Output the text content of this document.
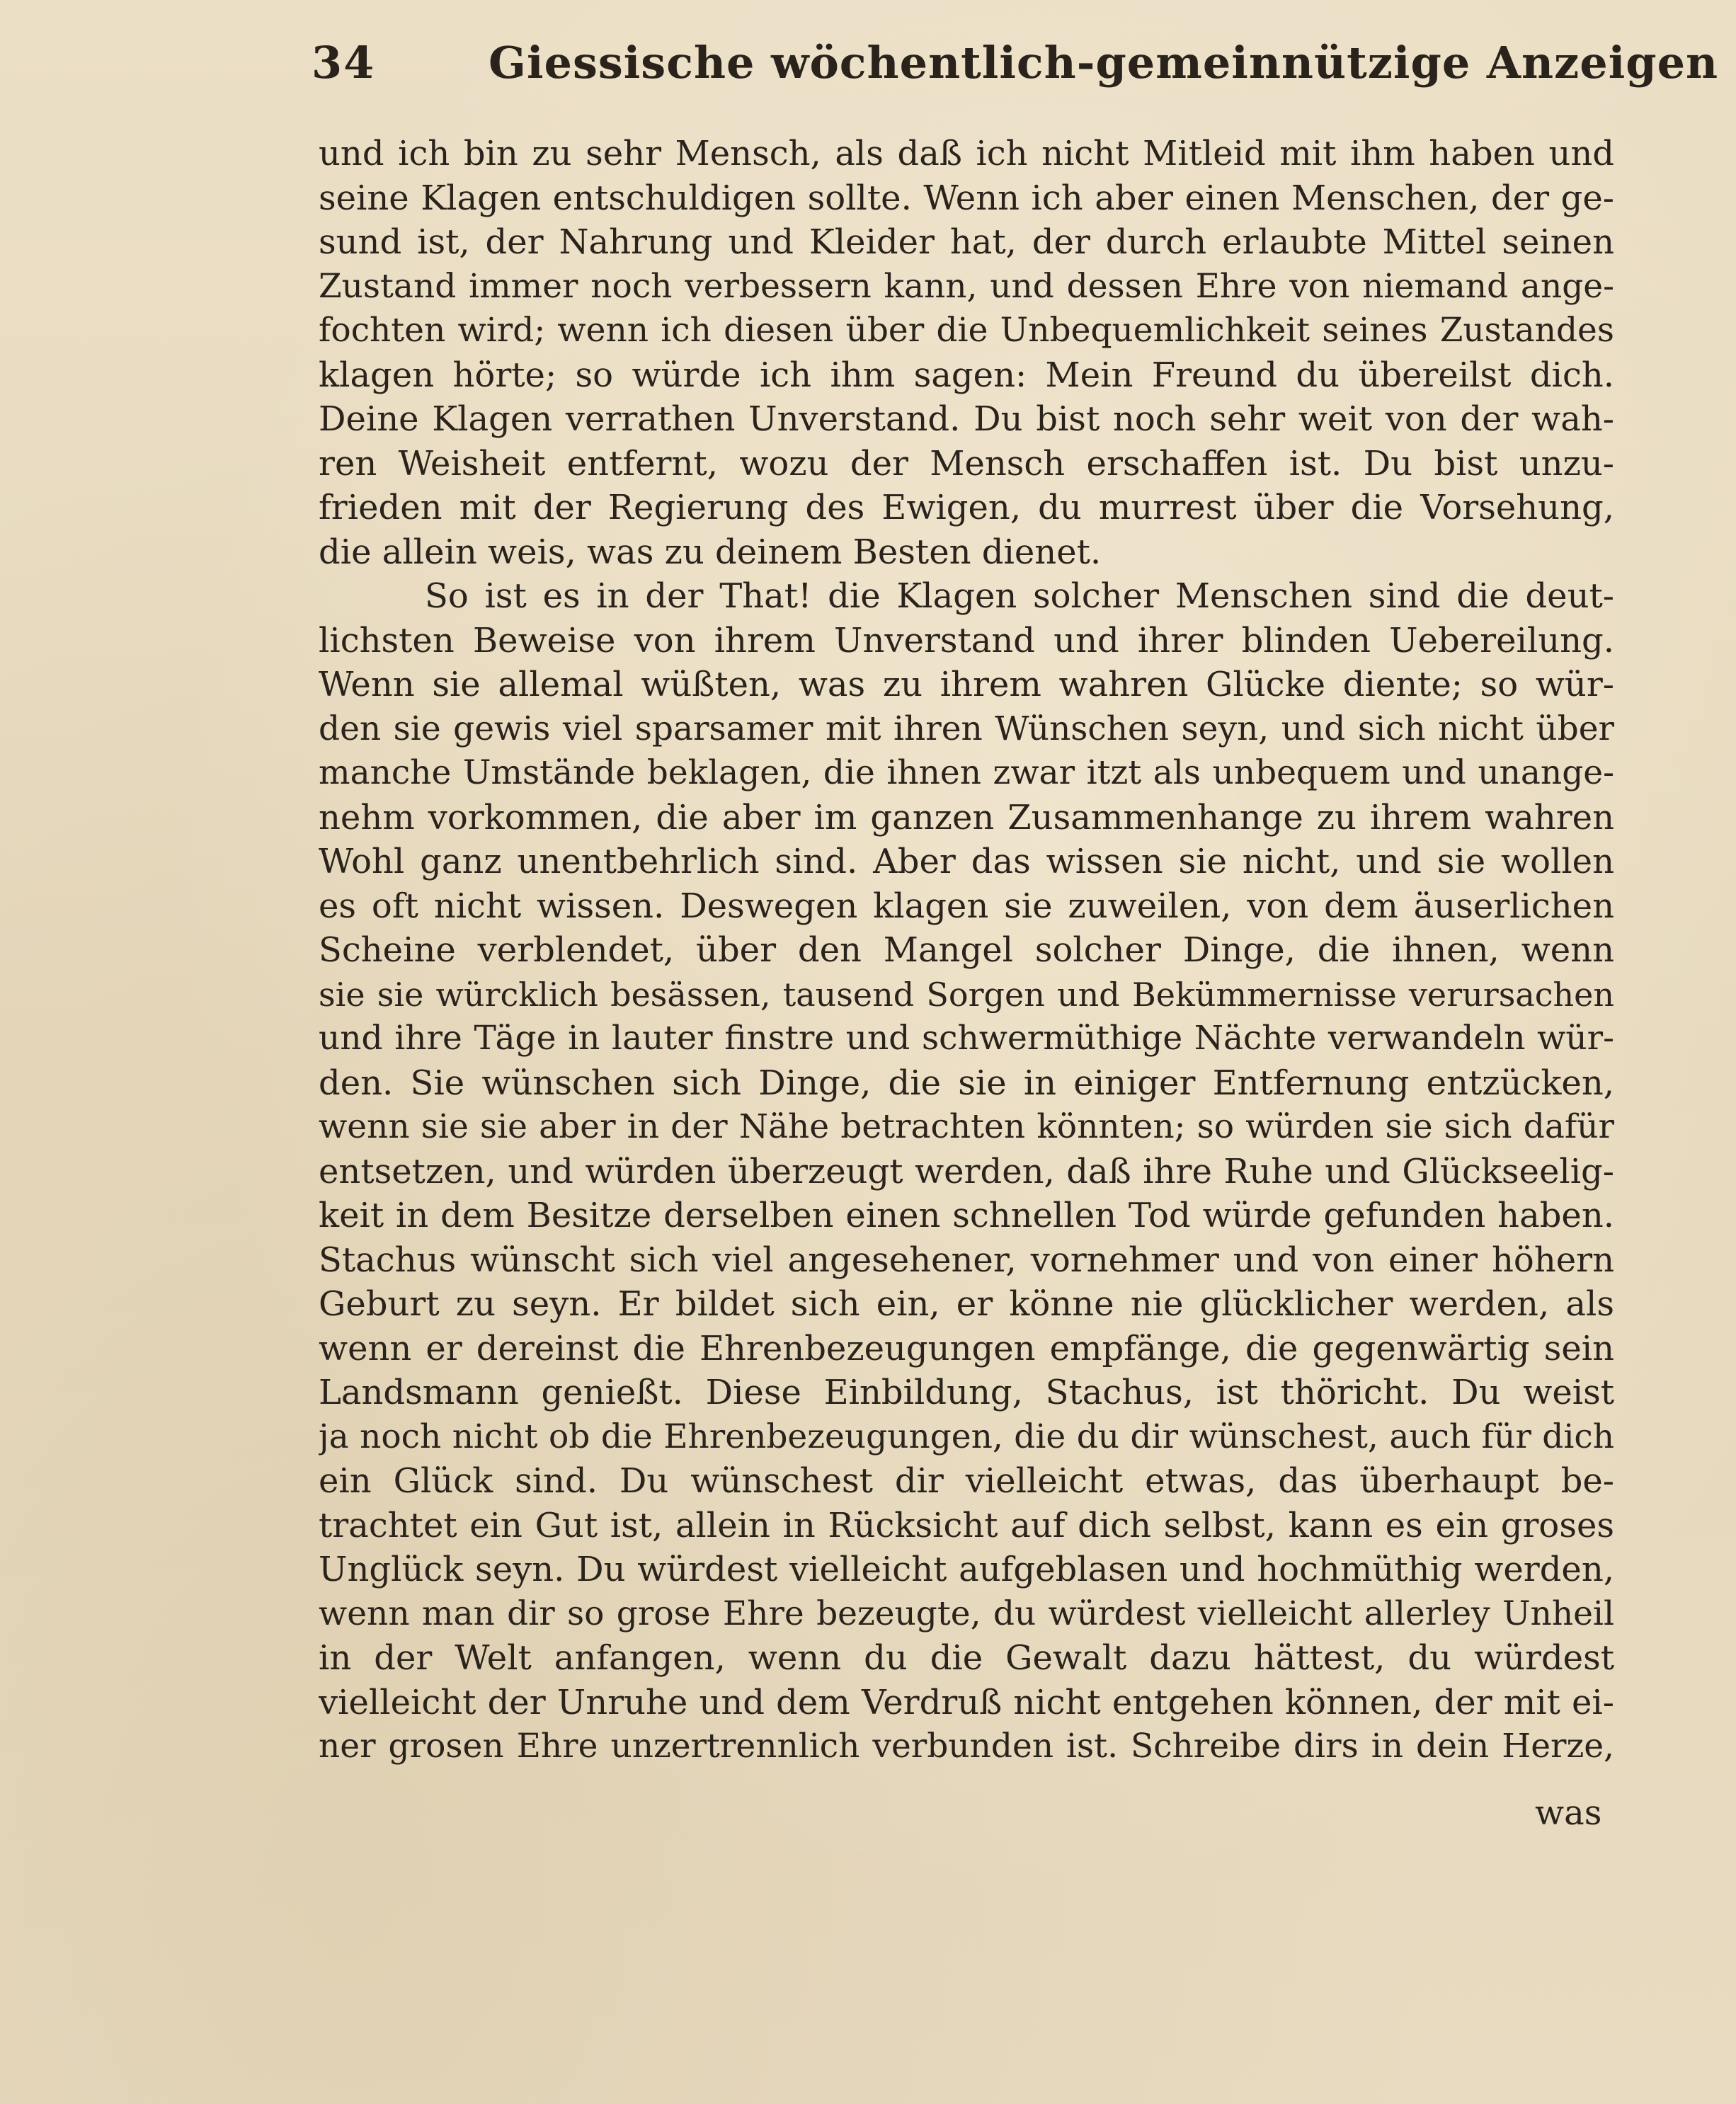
34	Giessische wöchentlich-gemeinnützige Anzeigen
und ich bin zu sehr Mensch, als daß ich nicht Mitleid mit ihm haben und
seine Klagen entschuldigen sollte. Wenn ich aber einen Menschen, der ge-
sund ist, der Nahrung und Kleider hat, der durch erlaubte Mittel seinen
Zustand immer noch verbessern kann, und dessen Ehre von niemand ange-
fochten wird; wenn ich diesen über die Unbequemlichkeit seines Zustandes
klagen hörte; so würde ich ihm sagen: Mein Freund du übereilst dich.
Deine Klagen verrathen Unverstand. Du bist noch sehr weit von der wah-
ren Weisheit entfernt, wozu der Mensch erschaffen ist. Du bist unzu-
frieden mit der Regierung des Ewigen, du murrest über die Vorsehung,
die allein weis, was zu deinem Besten dienet.
So ist es in der That! die Klagen solcher Menschen sind die deut-
lichsten Beweise von ihrem Unverstand und ihrer blinden Uebereilung.
Wenn sie allemal wüßten, was zu ihrem wahren Glücke diente; so wür-
den sie gewis viel sparsamer mit ihren Wünschen seyn, und sich nicht über
manche Umstände beklagen, die ihnen zwar itzt als unbequem und unange-
nehm vorkommen, die aber im ganzen Zusammenhange zu ihrem wahren
Wohl ganz unentbehrlich sind. Aber das wissen sie nicht, und sie wollen
es oft nicht wissen. Deswegen klagen sie zuweilen, von dem äuserlichen
Scheine verblendet, über den Mangel solcher Dinge, die ihnen, wenn
sie sie würcklich besässen, tausend Sorgen und Bekümmernisse verursachen
und ihre Täge in lauter finstre und schwermüthige Nächte verwandeln wür-
den. Sie wünschen sich Dinge, die sie in einiger Entfernung entzücken,
wenn sie sie aber in der Nähe betrachten könnten; so würden sie sich dafür
entsetzen, und würden überzeugt werden, daß ihre Ruhe und Glückseelig-
keit in dem Besitze derselben einen schnellen Tod würde gefunden haben.
Stachus wünscht sich viel angesehener, vornehmer und von einer höhern
Geburt zu seyn. Er bildet sich ein, er könne nie glücklicher werden, als
wenn er dereinst die Ehrenbezeugungen empfänge, die gegenwärtig sein
Landsmann genießt. Diese Einbildung, Stachus, ist thöricht. Du weist
ja noch nicht ob die Ehrenbezeugungen, die du dir wünschest, auch für dich
ein Glück sind. Du wünschest dir vielleicht etwas, das überhaupt be-
trachtet ein Gut ist, allein in Rücksicht auf dich selbst, kann es ein groses
Unglück seyn. Du würdest vielleicht aufgeblasen und hochmüthig werden,
wenn man dir so grose Ehre bezeugte, du würdest vielleicht allerley Unheil
in der Welt anfangen, wenn du die Gewalt dazu hättest, du würdest
vielleicht der Unruhe und dem Verdruß nicht entgehen können, der mit ei-
ner grosen Ehre unzertrennlich verbunden ist. Schreibe dirs in dein Herze,
was
